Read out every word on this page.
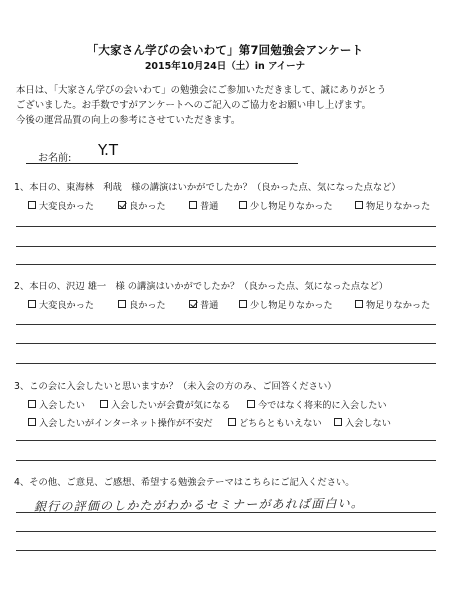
「大家さん学びの会いわて」第7回勉強会アンケート
2015年10月24日（土）in アイーナ
本日は、「大家さん学びの会いわて」の勉強会にご参加いただきまして、誠にありがとう
ございました。お手数ですがアンケートへのご記入のご協力をお願い申し上げます。
今後の運営品質の向上の参考にさせていただきます。
お名前: Y.T
1、本日の、東海林　利哉　様の講演はいかがでしたか？（良かった点、気になった点など）
大変良かった	良かった	普通	少し物足りなかった	物足りなかった
2、本日の、沢辺 雄一　様 の講演はいかがでしたか？（良かった点、気になった点など）
大変良かった	良かった	普通	少し物足りなかった	物足りなかった
3、この会に入会したいと思いますか？（未入会の方のみ、ご回答ください）
入会したい	入会したいが会費が気になる	今ではなく将来的に入会したい
入会したいがインターネット操作が不安だ	どちらともいえない	入会しない
4、その他、ご意見、ご感想、希望する勉強会テーマはこちらにご記入ください。
銀行の評価のしかたがわかるセミナーがあれば面白い。
